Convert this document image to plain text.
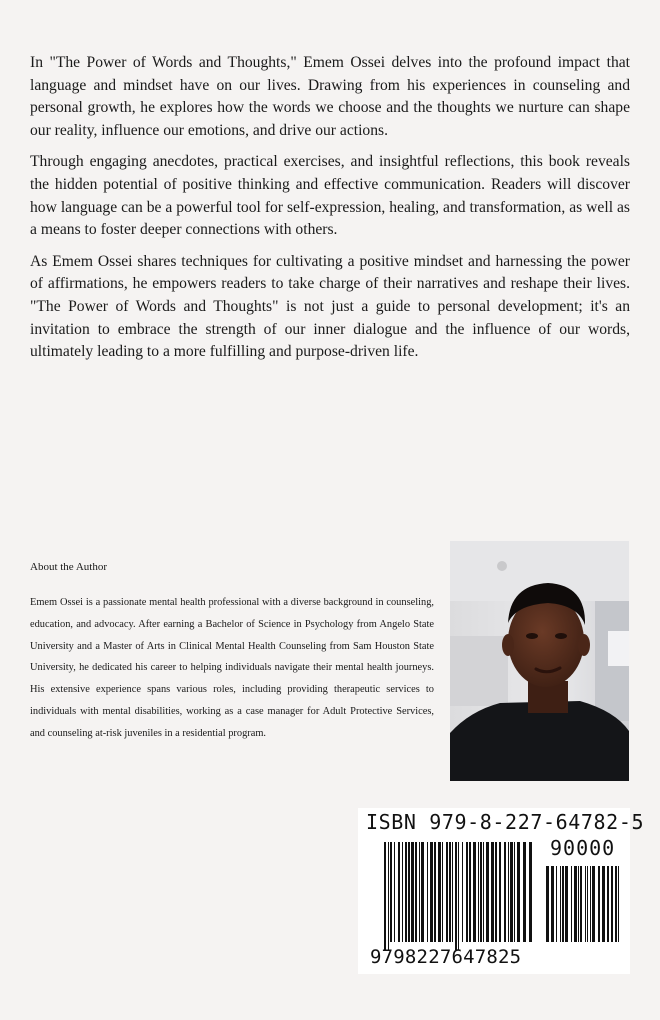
In "The Power of Words and Thoughts," Emem Ossei delves into the profound impact that language and mindset have on our lives. Drawing from his experiences in counseling and personal growth, he explores how the words we choose and the thoughts we nurture can shape our reality, influence our emotions, and drive our actions.

Through engaging anecdotes, practical exercises, and insightful reflections, this book reveals the hidden potential of positive thinking and effective communication. Readers will discover how language can be a powerful tool for self-expression, healing, and transformation, as well as a means to foster deeper connections with others.

As Emem Ossei shares techniques for cultivating a positive mindset and harnessing the power of affirmations, he empowers readers to take charge of their narratives and reshape their lives. "The Power of Words and Thoughts" is not just a guide to personal development; it's an invitation to embrace the strength of our inner dialogue and the influence of our words, ultimately leading to a more fulfilling and purpose-driven life.

About the Author

Emem Ossei is a passionate mental health professional with a diverse background in counseling, education, and advocacy. After earning a Bachelor of Science in Psychology from Angelo State University and a Master of Arts in Clinical Mental Health Counseling from Sam Houston State University, he dedicated his career to helping individuals navigate their mental health journeys. His extensive experience spans various roles, including providing therapeutic services to individuals with mental disabilities, working as a case manager for Adult Protective Services, and counseling at-risk juveniles in a residential program.

ISBN 979-8-227-64782-5
90000
9798227647825
